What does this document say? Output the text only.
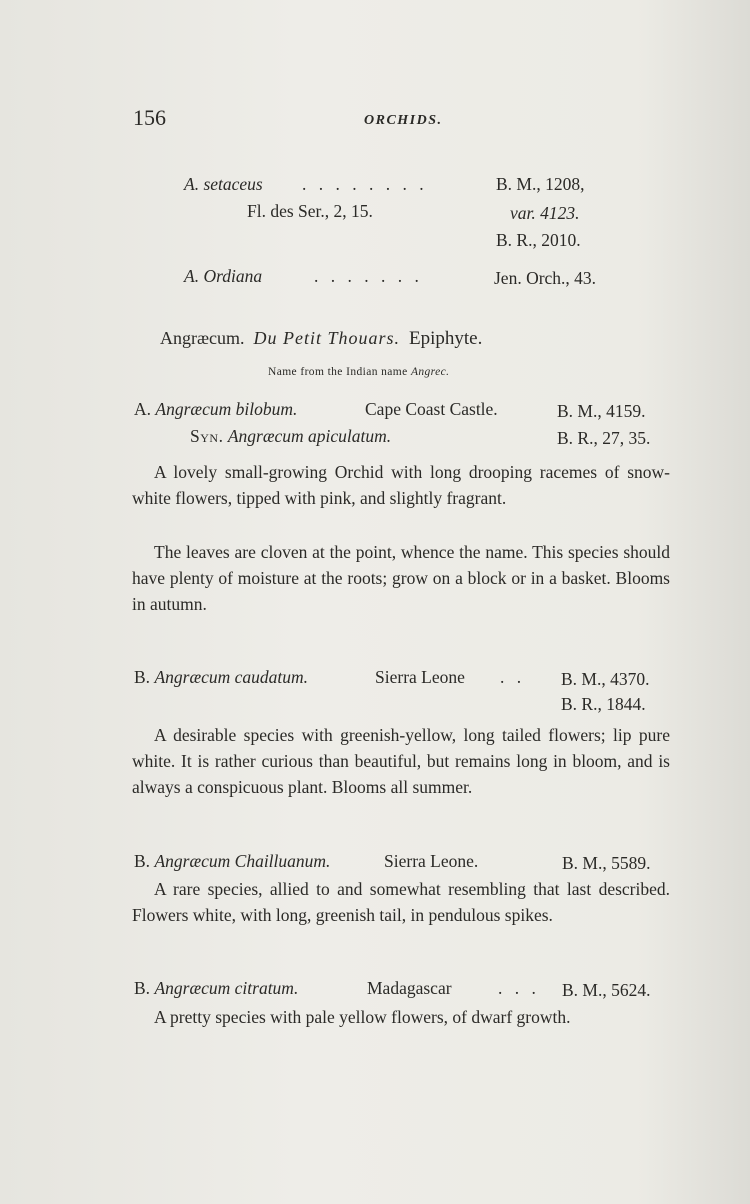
156	ORCHIDS.
A. setaceus . . . . . . . .	B. M., 1208,
Fl. des Ser., 2, 15.	var. 4123.
B. R., 2010.
A. Ordiana	. . . . . . .	Jen. Orch., 43.
Angræcum. Du Petit Thouars. Epiphyte.
Name from the Indian name Angrec.
A. Angræcum bilobum.	Cape Coast Castle.	B. M., 4159.
Syn. Angræcum apiculatum.	B. R., 27, 35.
A lovely small-growing Orchid with long drooping racemes of snow-white flowers, tipped with pink, and slightly fragrant.
The leaves are cloven at the point, whence the name. This species should have plenty of moisture at the roots; grow on a block or in a basket. Blooms in autumn.
B. Angræcum caudatum.	Sierra Leone . . B. M., 4370.
B. R., 1844.
A desirable species with greenish-yellow, long tailed flowers; lip pure white. It is rather curious than beautiful, but remains long in bloom, and is always a conspicuous plant. Blooms all summer.
B. Angræcum Chailluanum.	Sierra Leone.	B. M., 5589.
A rare species, allied to and somewhat resembling that last described. Flowers white, with long, greenish tail, in pendulous spikes.
B. Angræcum citratum.	Madagascar	. . . B. M., 5624.
A pretty species with pale yellow flowers, of dwarf growth.
